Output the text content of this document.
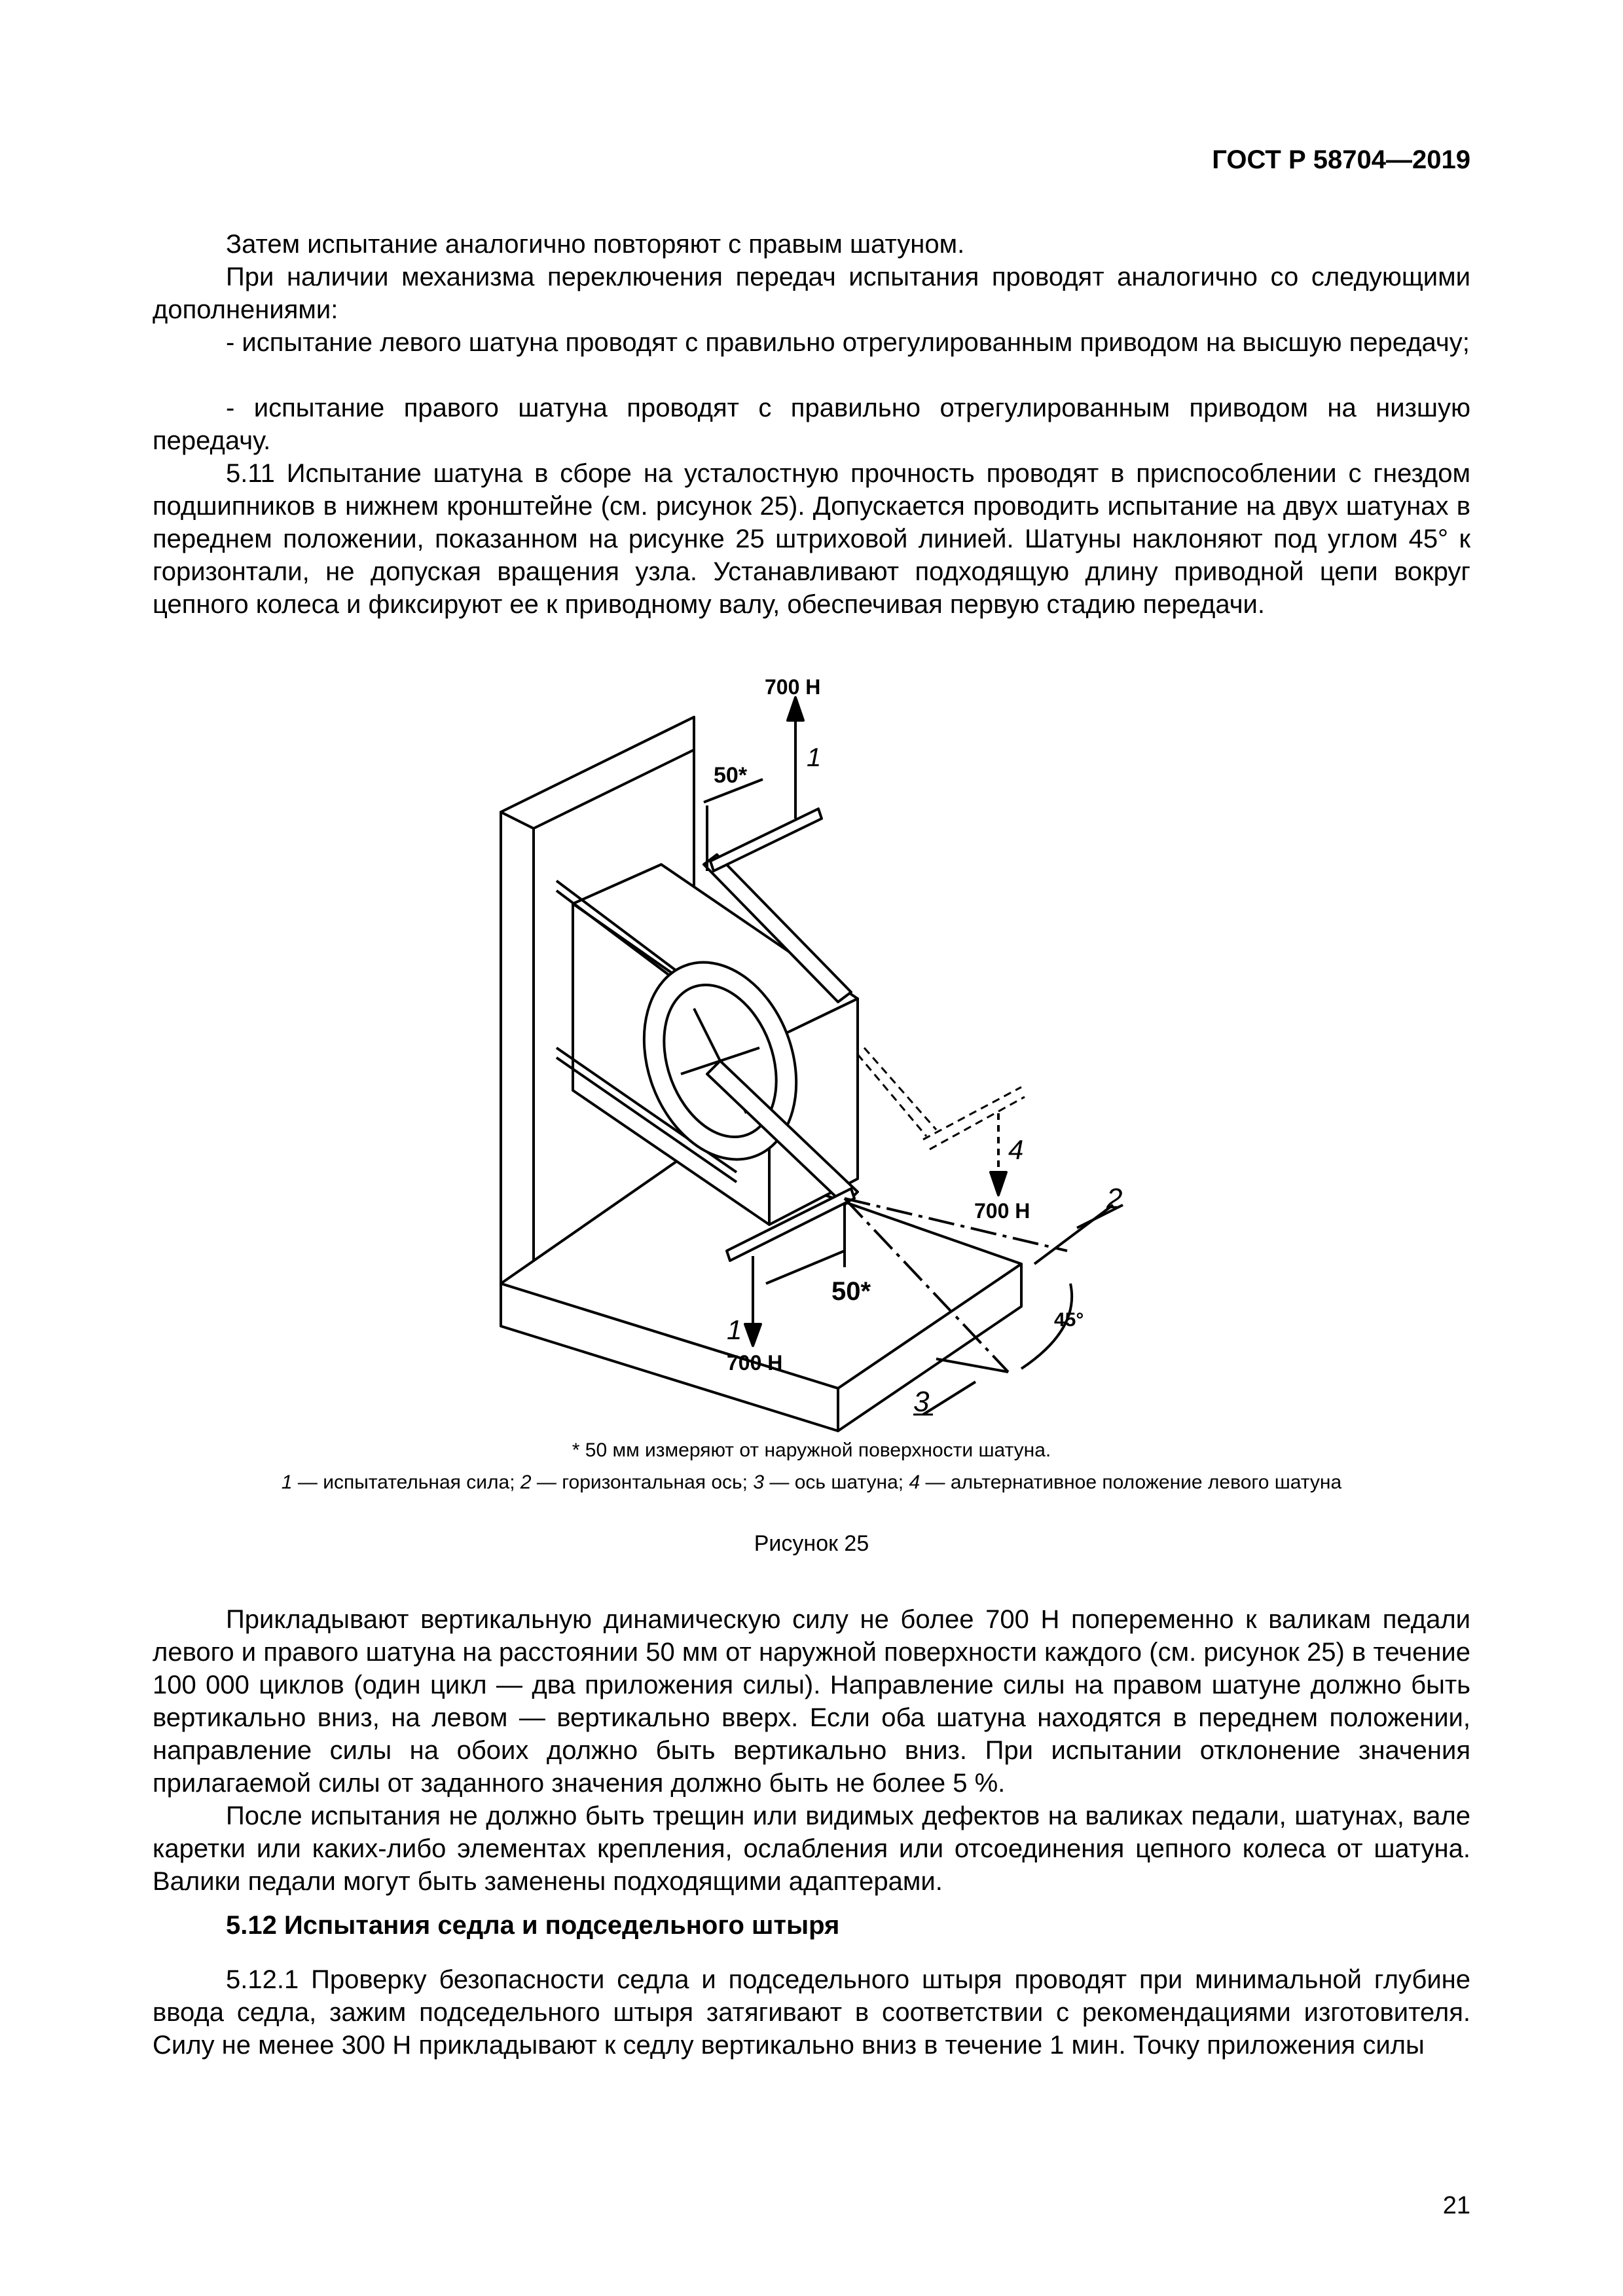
ГОСТ Р 58704—2019
Затем испытание аналогично повторяют с правым шатуном.
При наличии механизма переключения передач испытания проводят аналогично со следующими дополнениями:
- испытание левого шатуна проводят с правильно отрегулированным приводом на высшую передачу;
- испытание правого шатуна проводят с правильно отрегулированным приводом на низшую передачу.
5.11 Испытание шатуна в сборе на усталостную прочность проводят в приспособлении с гнездом подшипников в нижнем кронштейне (см. рисунок 25). Допускается проводить испытание на двух шатунах в переднем положении, показанном на рисунке 25 штриховой линией. Шатуны наклоняют под углом 45° к горизонтали, не допуская вращения узла. Устанавливают подходящую длину приводной цепи вокруг цепного колеса и фиксируют ее к приводному валу, обеспечивая первую стадию передачи.
700 Н
50*
1
4
700 Н	2
50*
45°
1
700 Н
3
* 50 мм измеряют от наружной поверхности шатуна.
1 — испытательная сила; 2 — горизонтальная ось; 3 — ось шатуна; 4 — альтернативное положение левого шатуна
Рисунок 25
Прикладывают вертикальную динамическую силу не более 700 Н попеременно к валикам педали левого и правого шатуна на расстоянии 50 мм от наружной поверхности каждого (см. рисунок 25) в течение 100 000 циклов (один цикл — два приложения силы). Направление силы на правом шатуне должно быть вертикально вниз, на левом — вертикально вверх. Если оба шатуна находятся в переднем положении, направление силы на обоих должно быть вертикально вниз. При испытании отклонение значения прилагаемой силы от заданного значения должно быть не более 5 %.
После испытания не должно быть трещин или видимых дефектов на валиках педали, шатунах, вале каретки или каких-либо элементах крепления, ослабления или отсоединения цепного колеса от шатуна. Валики педали могут быть заменены подходящими адаптерами.
5.12 Испытания седла и подседельного штыря
5.12.1 Проверку безопасности седла и подседельного штыря проводят при минимальной глубине ввода седла, зажим подседельного штыря затягивают в соответствии с рекомендациями изготовителя. Силу не менее 300 Н прикладывают к седлу вертикально вниз в течение 1 мин. Точку приложения силы
21
